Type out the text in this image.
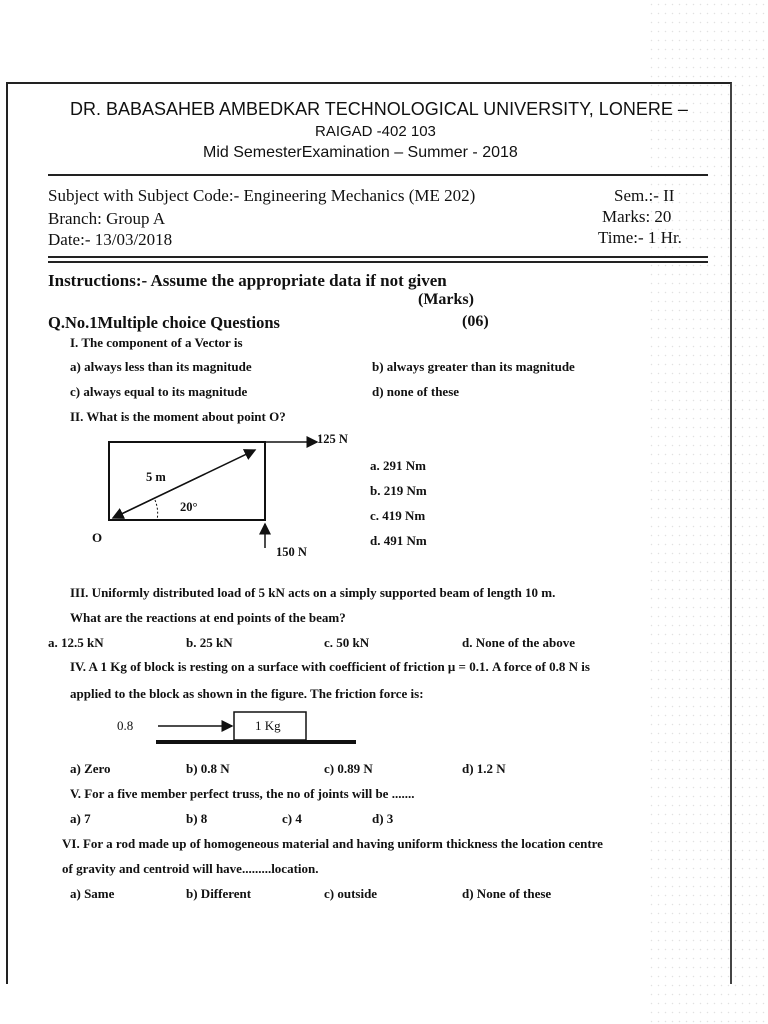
DR. BABASAHEB AMBEDKAR TECHNOLOGICAL UNIVERSITY, LONERE –
RAIGAD -402 103
Mid SemesterExamination – Summer - 2018
Subject with Subject Code:- Engineering Mechanics (ME 202)
Branch: Group A
Date:- 13/03/2018
Sem.:- II
Marks: 20
Time:- 1 Hr.
Instructions:- Assume the appropriate data if not given
(Marks)
Q.No.1Multiple choice Questions	(06)
I. The component of a Vector is
a) always less than its magnitude	b) always greater than its magnitude
c) always equal to its magnitude	d) none of these
II. What is the moment about point O?
125 N
150 N
5 m
20°
O
a. 291 Nm
b. 219 Nm
c. 419 Nm
d. 491 Nm
III. Uniformly distributed load of 5 kN acts on a simply supported beam of length 10 m.
What are the reactions at end points of the beam?
a. 12.5 kN	b. 25 kN	c. 50 kN	d. None of the above
IV. A 1 Kg of block is resting on a surface with coefficient of friction μ = 0.1. A force of 0.8 N is
applied to the block as shown in the figure. The friction force is:
0.8	1 Kg
a) Zero	b) 0.8 N	c) 0.89 N	d) 1.2 N
V. For a five member perfect truss, the no of joints will be .......
a) 7	b) 8	c) 4	d) 3
VI. For a rod made up of homogeneous material and having uniform thickness the location centre
of gravity and centroid will have.........location.
a) Same	b) Different	c) outside	d) None of these
